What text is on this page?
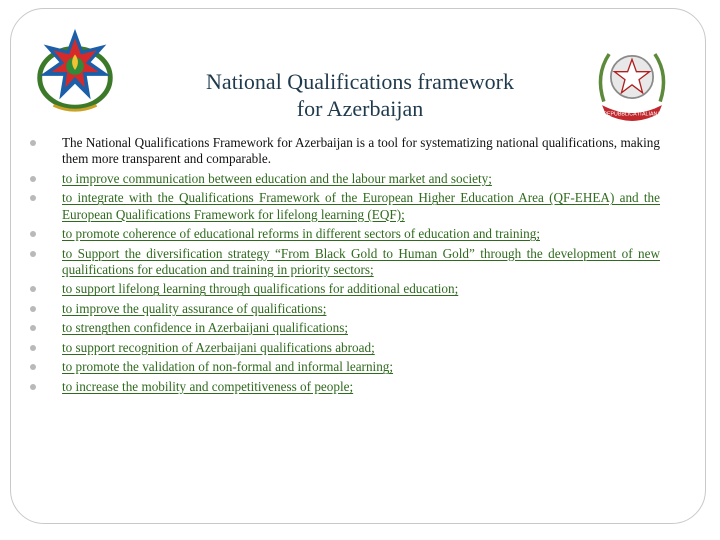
REPUBBLICA ITALIANA
National Qualifications framework
for Azerbaijan
The National Qualifications Framework for Azerbaijan is a tool for systematizing national qualifications, making them more transparent and comparable.
to improve communication between education and the labour market and society;
to integrate with the Qualifications Framework of the European Higher Education Area (QF-EHEA) and the European Qualifications Framework for lifelong learning (EQF);
to promote coherence of educational reforms in different sectors of education and training;
to Support the diversification strategy “From Black Gold to Human Gold” through the development of new qualifications for education and training in priority sectors;
to support lifelong learning through qualifications for additional education;
to improve the quality assurance of qualifications;
to strengthen confidence in Azerbaijani qualifications;
to support recognition of Azerbaijani qualifications abroad;
to promote the validation of non-formal and informal learning;
to increase the mobility and competitiveness of people;
